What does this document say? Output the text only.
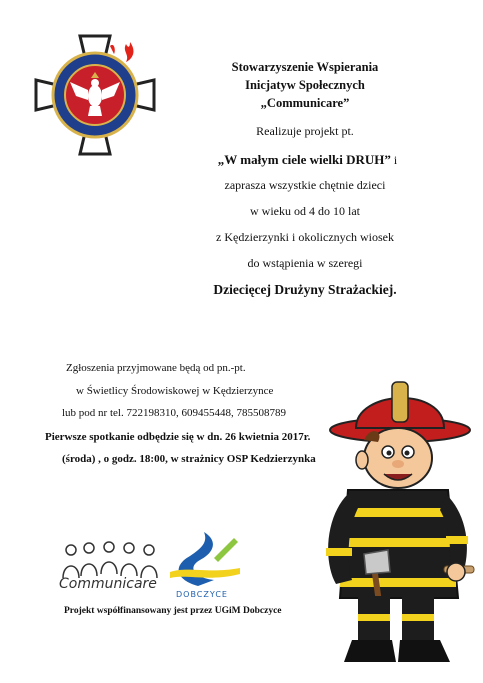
Stowarzyszenie Wspierania
Inicjatyw Społecznych
„Communicare”
Realizuje projekt pt.
„W małym ciele wielki DRUH” i
zaprasza wszystkie chętnie dzieci
w wieku od 4 do 10 lat
z Kędzierzynki i okolicznych wiosek
do wstąpienia w szeregi
Dziecięcej Drużyny Strażackiej.
Zgłoszenia przyjmowane będą od pn.-pt.
w Świetlicy Środowiskowej w Kędzierzynce
lub pod nr tel. 722198310, 609455448, 785508789
Pierwsze spotkanie odbędzie się w dn. 26 kwietnia 2017r.
(środa) , o godz. 18:00, w strażnicy OSP Kedzierzynka
Communicare
DOBCZYCE
Projekt współfinansowany jest przez UGiM Dobczyce
